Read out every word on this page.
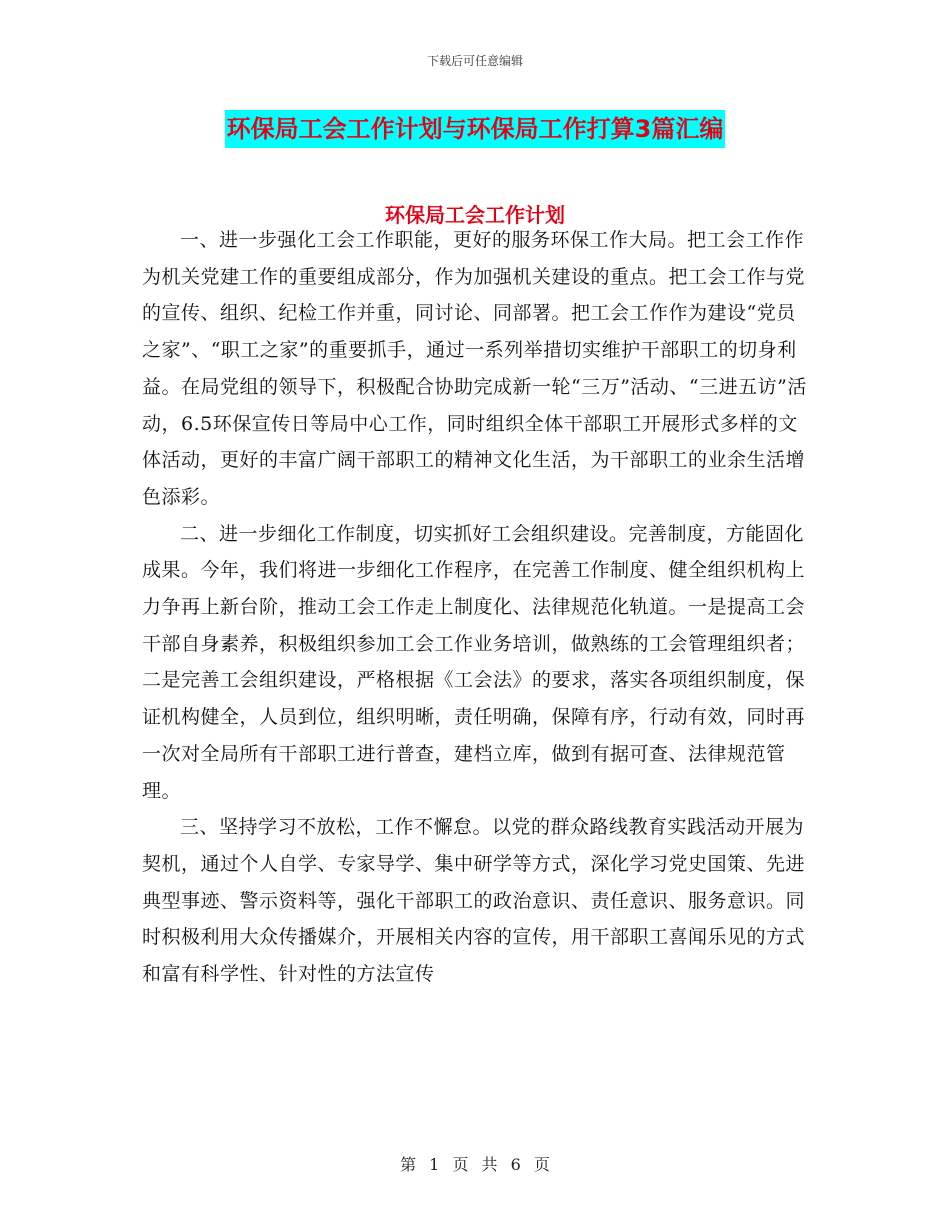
下载后可任意编辑
环保局工会工作计划与环保局工作打算3篇汇编
环保局工会工作计划

一、进一步强化工会工作职能，更好的服务环保工作大局。把工会工作作为机关党建工作的重要组成部分，作为加强机关建设的重点。把工会工作与党的宣传、组织、纪检工作并重，同讨论、同部署。把工会工作作为建设“党员之家”、“职工之家”的重要抓手，通过一系列举措切实维护干部职工的切身利益。在局党组的领导下，积极配合协助完成新一轮“三万”活动、“三进五访”活动，6.5环保宣传日等局中心工作，同时组织全体干部职工开展形式多样的文体活动，更好的丰富广阔干部职工的精神文化生活，为干部职工的业余生活增色添彩。

二、进一步细化工作制度，切实抓好工会组织建设。完善制度，方能固化成果。今年，我们将进一步细化工作程序，在完善工作制度、健全组织机构上力争再上新台阶，推动工会工作走上制度化、法律规范化轨道。一是提高工会干部自身素养，积极组织参加工会工作业务培训，做熟练的工会管理组织者；二是完善工会组织建设，严格根据《工会法》的要求，落实各项组织制度，保证机构健全，人员到位，组织明晰，责任明确，保障有序，行动有效，同时再一次对全局所有干部职工进行普查，建档立库，做到有据可查、法律规范管理。

三、坚持学习不放松，工作不懈怠。以党的群众路线教育实践活动开展为契机，通过个人自学、专家导学、集中研学等方式，深化学习党史国策、先进典型事迹、警示资料等，强化干部职工的政治意识、责任意识、服务意识。同时积极利用大众传播媒介，开展相关内容的宣传，用干部职工喜闻乐见的方式和富有科学性、针对性的方法宣传

第 1 页 共 6 页
